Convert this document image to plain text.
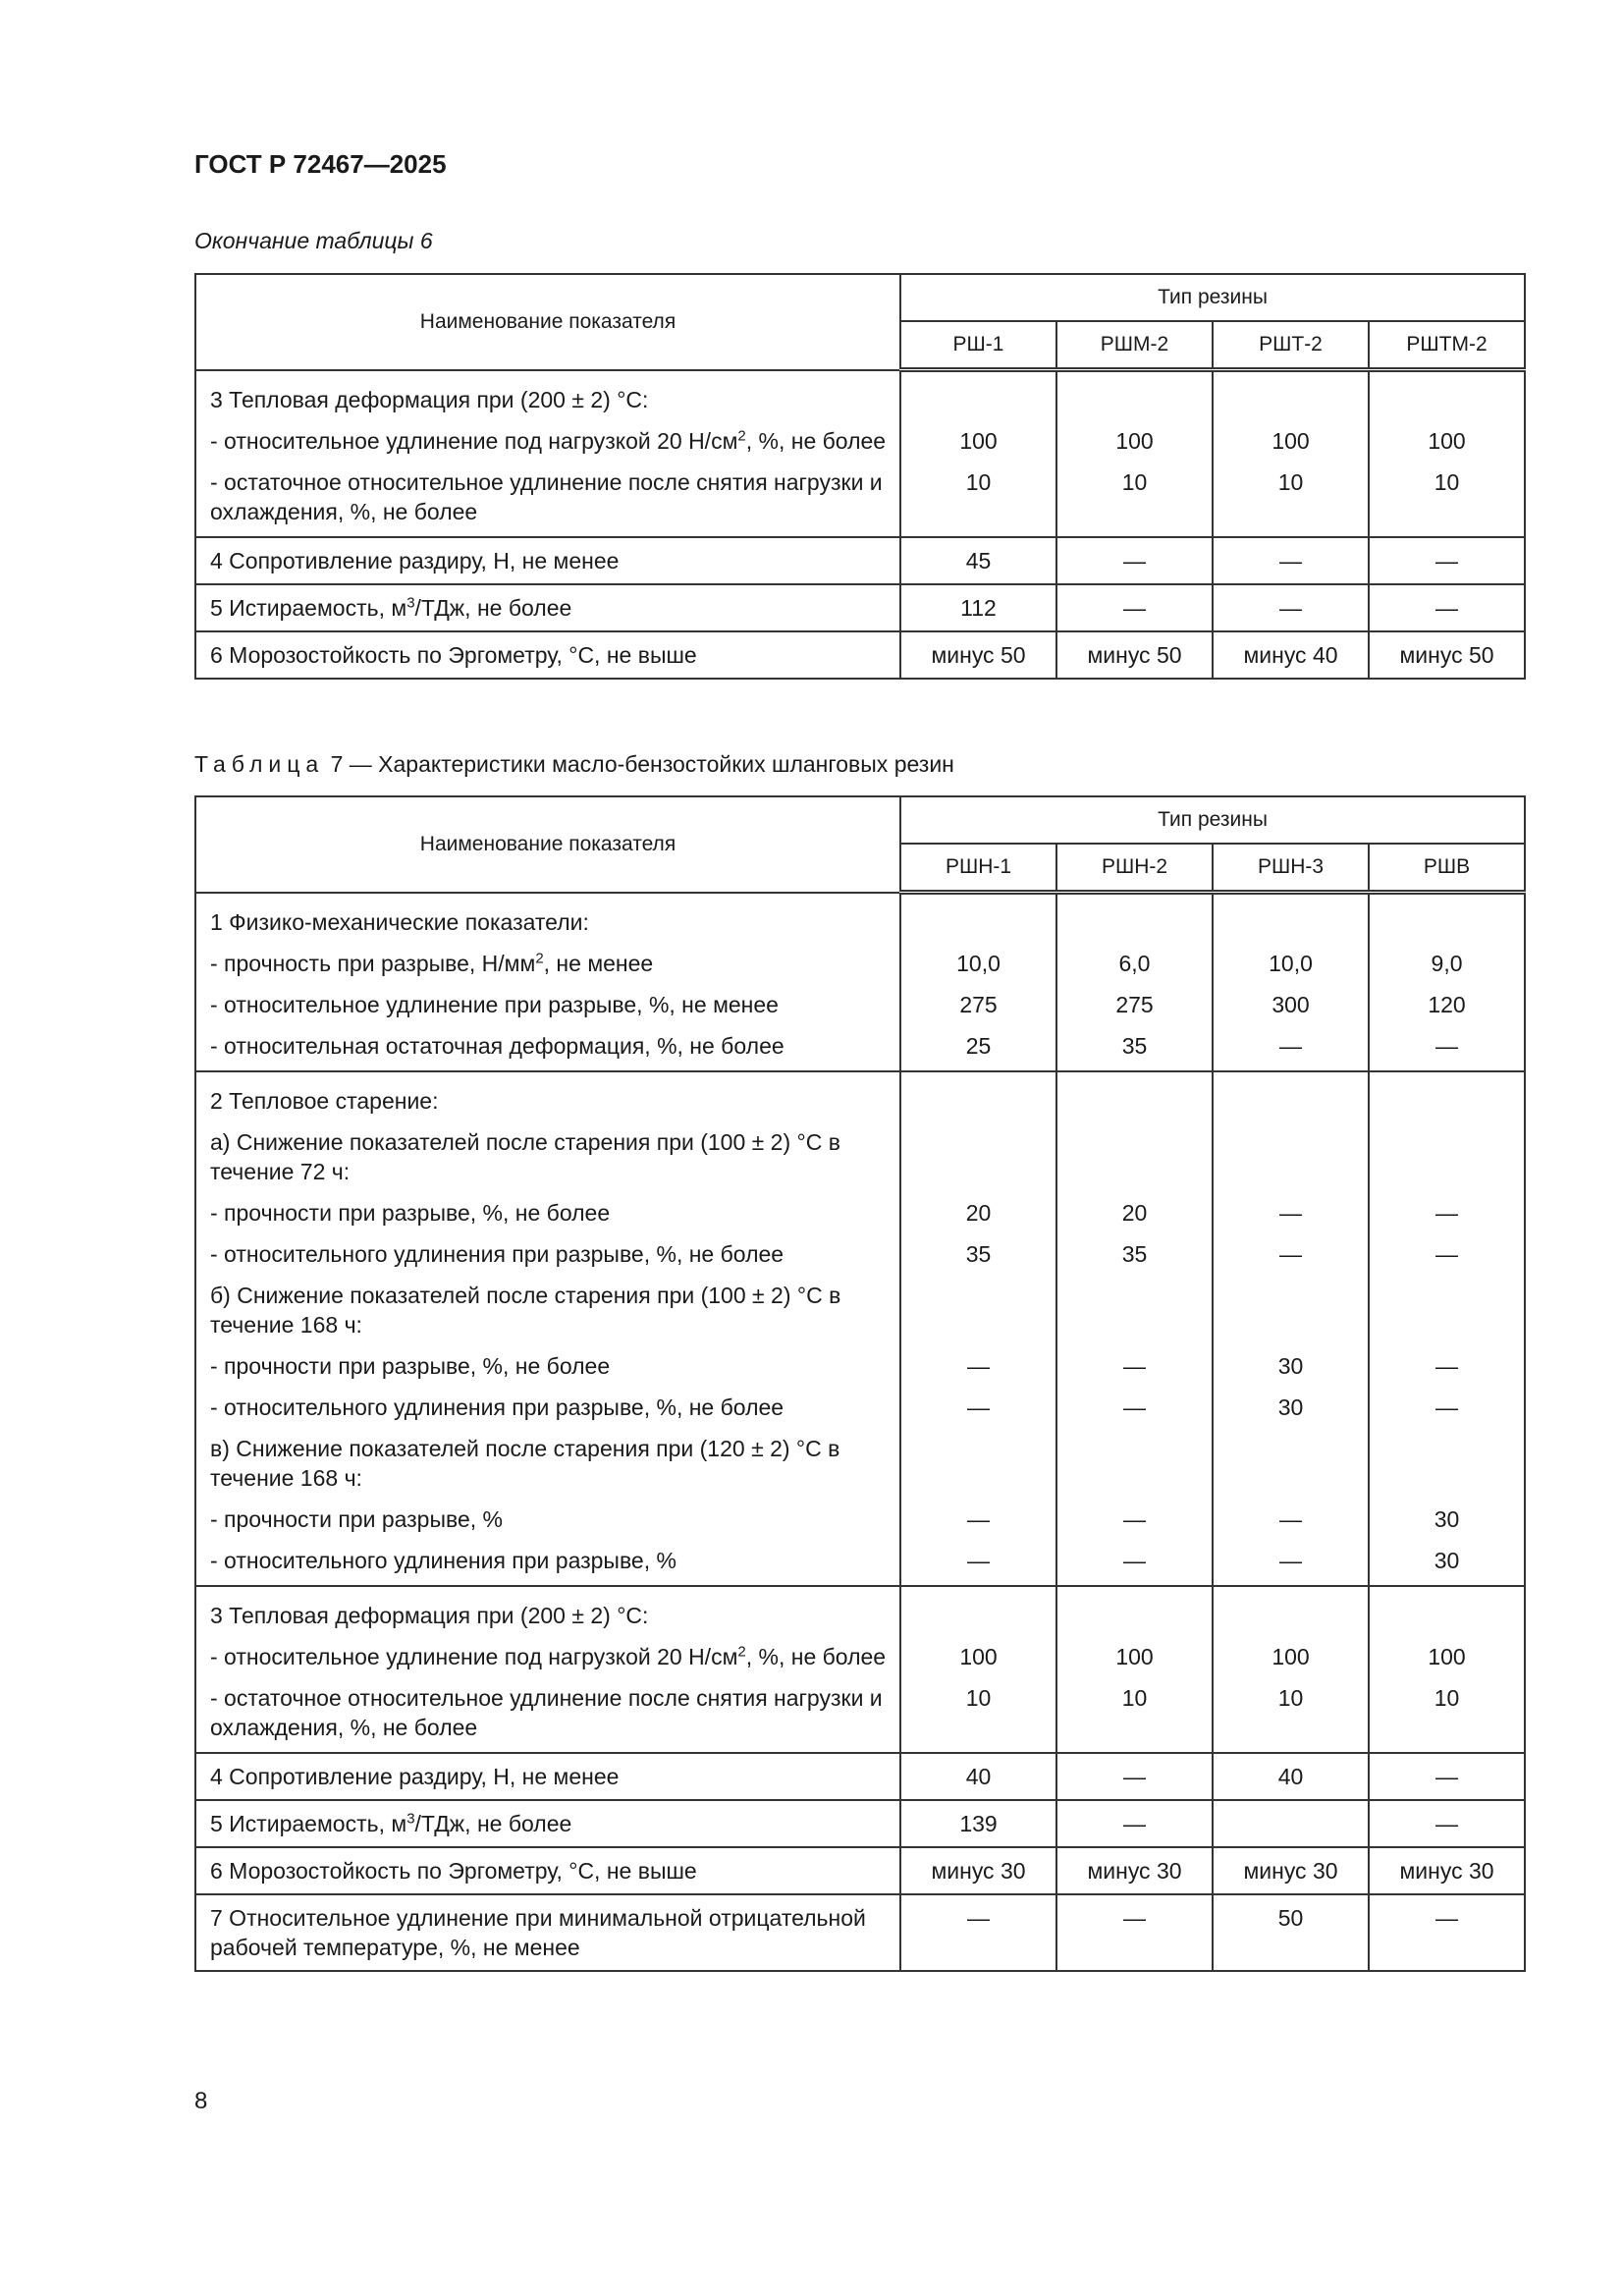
ГОСТ Р 72467—2025
Окончание таблицы 6
Наименование показателя	Тип резины			
	РШ-1	РШМ-2	РШТ-2	РШТМ-2
3 Тепловая деформация при (200 ± 2) °С:				
- относительное удлинение под нагрузкой 20 $Н/см^2$, %, не более	100	100	100	100
- остаточное относительное удлинение после снятия нагрузки и охлаждения, %, не более	10	10	10	10
4 Сопротивление раздиру, Н, не менее	45	—	—	—
5 Истираемость, $м^3$/ТДж, не более	112	—	—	—
6 Морозостойкость по Эргометру, °С, не выше	минус 50	минус 50	минус 40	минус 50
Таблица 7 — Характеристики масло-бензостойких шланговых резин
Наименование показателя	Тип резины			
	РШН-1	РШН-2	РШН-3	РШВ
1 Физико-механические показатели:				
- прочность при разрыве, $Н/мм^2$, не менее	10,0	6,0	10,0	9,0
- относительное удлинение при разрыве, %, не менее	275	275	300	120
- относительная остаточная деформация, %, не более	25	35	—	—
2 Тепловое старение:				
а) Снижение показателей после старения при (100 ± 2) °С в течение 72 ч:				
- прочности при разрыве, %, не более	20	20	—	—
- относительного удлинения при разрыве, %, не более	35	35	—	—
б) Снижение показателей после старения при (100 ± 2) °С в течение 168 ч:				
- прочности при разрыве, %, не более	—	—	30	—
- относительного удлинения при разрыве, %, не более	—	—	30	—
в) Снижение показателей после старения при (120 ± 2) °С в течение 168 ч:				
- прочности при разрыве, %	—	—	—	30
- относительного удлинения при разрыве, %	—	—	—	30
3 Тепловая деформация при (200 ± 2) °С:				
- относительное удлинение под нагрузкой 20 $Н/см^2$, %, не более	100	100	100	100
- остаточное относительное удлинение после снятия нагрузки и охлаждения, %, не более	10	10	10	10
4 Сопротивление раздиру, Н, не менее	40	—	40	—
5 Истираемость, $м^3$/ТДж, не более	139	—		—
6 Морозостойкость по Эргометру, °С, не выше	минус 30	минус 30	минус 30	минус 30
7 Относительное удлинение при минимальной отрицательной рабочей температуре, %, не менее	—	—	50	—
8
